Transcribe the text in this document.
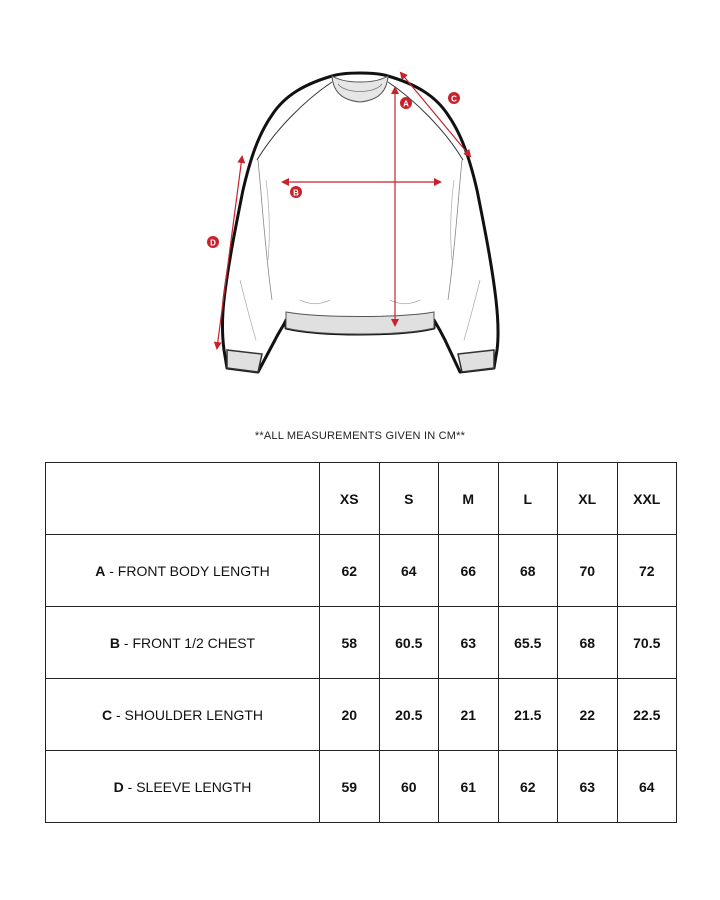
A
B
C
D
**ALL MEASUREMENTS GIVEN IN CM**
	XS	S	M	L	XL	XXL
A - FRONT BODY LENGTH	62	64	66	68	70	72
B - FRONT 1/2 CHEST	58	60.5	63	65.5	68	70.5
C - SHOULDER LENGTH	20	20.5	21	21.5	22	22.5
D - SLEEVE LENGTH	59	60	61	62	63	64
